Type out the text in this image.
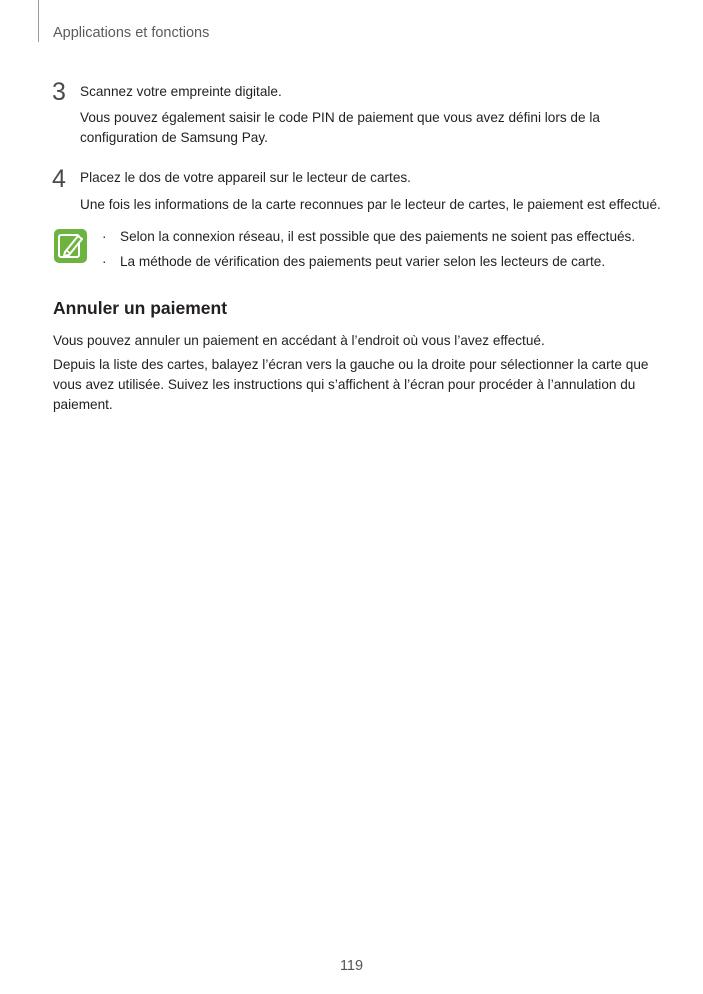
Applications et fonctions
3 Scannez votre empreinte digitale.
Vous pouvez également saisir le code PIN de paiement que vous avez défini lors de la
configuration de Samsung Pay.
4 Placez le dos de votre appareil sur le lecteur de cartes.
Une fois les informations de la carte reconnues par le lecteur de cartes, le paiement est effectué.
· Selon la connexion réseau, il est possible que des paiements ne soient pas effectués.
· La méthode de vérification des paiements peut varier selon les lecteurs de carte.
Annuler un paiement
Vous pouvez annuler un paiement en accédant à l’endroit où vous l’avez effectué.
Depuis la liste des cartes, balayez l’écran vers la gauche ou la droite pour sélectionner la carte que
vous avez utilisée. Suivez les instructions qui s’affichent à l’écran pour procéder à l’annulation du
paiement.
119
